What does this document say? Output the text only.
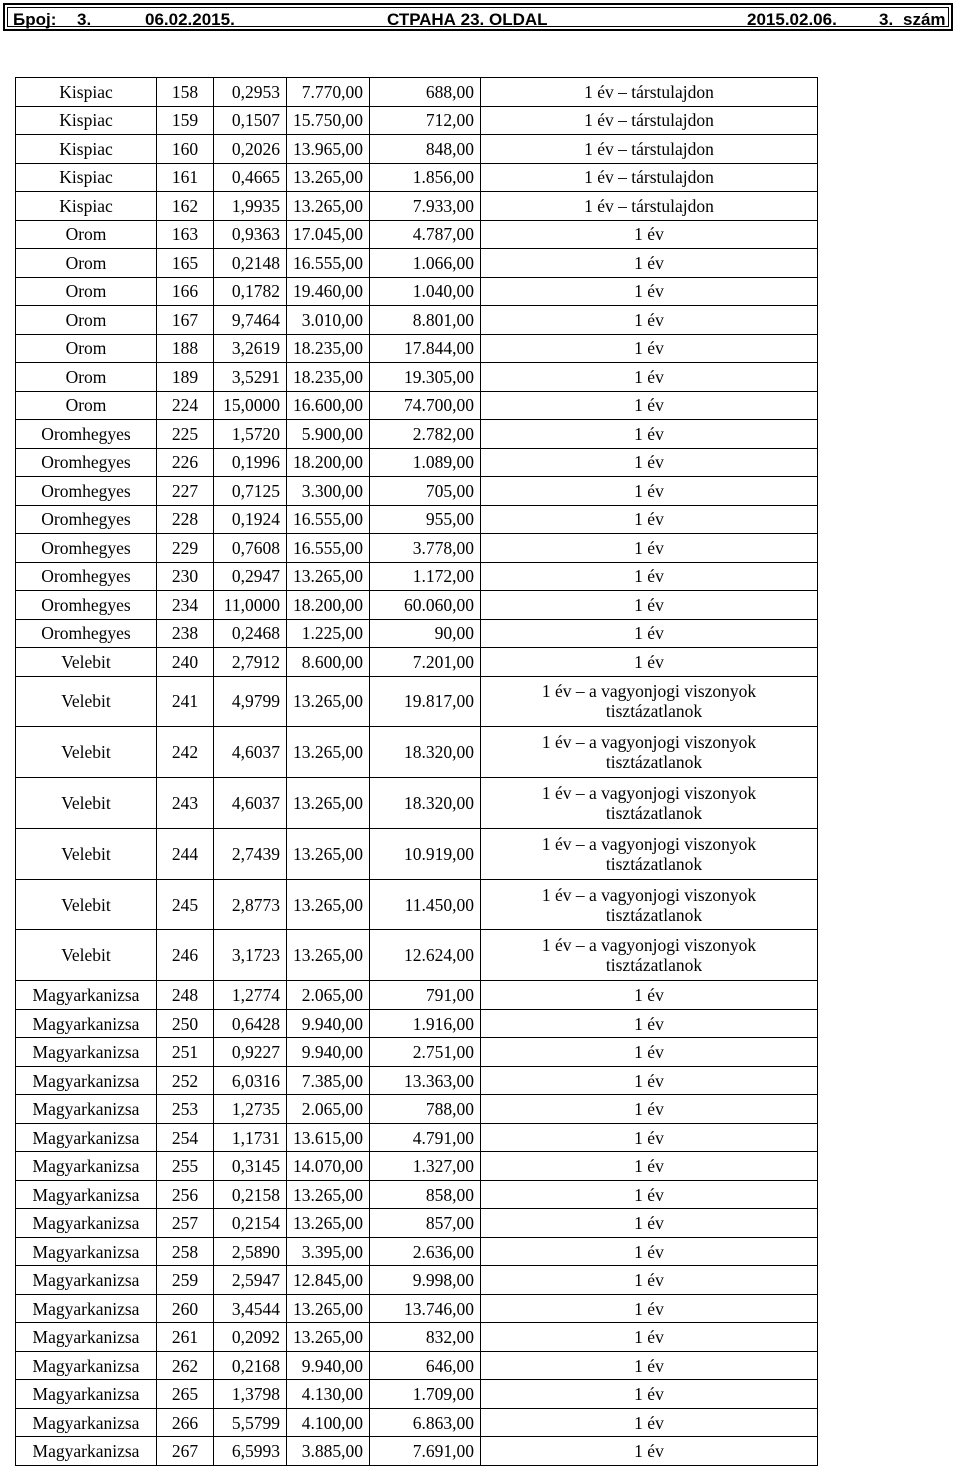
Број: 3.	06.02.2015.	СТРАНА 23. OLDAL	2015.02.06. 3. szám
Kispiac	158	0,2953	7.770,00	688,00	1 év – társtulajdon
Kispiac	159	0,1507	15.750,00	712,00	1 év – társtulajdon
Kispiac	160	0,2026	13.965,00	848,00	1 év – társtulajdon
Kispiac	161	0,4665	13.265,00	1.856,00	1 év – társtulajdon
Kispiac	162	1,9935	13.265,00	7.933,00	1 év – társtulajdon
Orom	163	0,9363	17.045,00	4.787,00	1 év
Orom	165	0,2148	16.555,00	1.066,00	1 év
Orom	166	0,1782	19.460,00	1.040,00	1 év
Orom	167	9,7464	3.010,00	8.801,00	1 év
Orom	188	3,2619	18.235,00	17.844,00	1 év
Orom	189	3,5291	18.235,00	19.305,00	1 év
Orom	224	15,0000	16.600,00	74.700,00	1 év
Oromhegyes	225	1,5720	5.900,00	2.782,00	1 év
Oromhegyes	226	0,1996	18.200,00	1.089,00	1 év
Oromhegyes	227	0,7125	3.300,00	705,00	1 év
Oromhegyes	228	0,1924	16.555,00	955,00	1 év
Oromhegyes	229	0,7608	16.555,00	3.778,00	1 év
Oromhegyes	230	0,2947	13.265,00	1.172,00	1 év
Oromhegyes	234	11,0000	18.200,00	60.060,00	1 év
Oromhegyes	238	0,2468	1.225,00	90,00	1 év
Velebit	240	2,7912	8.600,00	7.201,00	1 év
Velebit	241	4,9799	13.265,00	19.817,00	1 év – a vagyonjogi viszonyok
tisztázatlanok

Velebit	242	4,6037	13.265,00	18.320,00	1 év – a vagyonjogi viszonyok
tisztázatlanok

Velebit	243	4,6037	13.265,00	18.320,00	1 év – a vagyonjogi viszonyok
tisztázatlanok

Velebit	244	2,7439	13.265,00	10.919,00	1 év – a vagyonjogi viszonyok
tisztázatlanok

Velebit	245	2,8773	13.265,00	11.450,00	1 év – a vagyonjogi viszonyok
tisztázatlanok

Velebit	246	3,1723	13.265,00	12.624,00	1 év – a vagyonjogi viszonyok
tisztázatlanok

Magyarkanizsa	248	1,2774	2.065,00	791,00	1 év
Magyarkanizsa	250	0,6428	9.940,00	1.916,00	1 év
Magyarkanizsa	251	0,9227	9.940,00	2.751,00	1 év
Magyarkanizsa	252	6,0316	7.385,00	13.363,00	1 év
Magyarkanizsa	253	1,2735	2.065,00	788,00	1 év
Magyarkanizsa	254	1,1731	13.615,00	4.791,00	1 év
Magyarkanizsa	255	0,3145	14.070,00	1.327,00	1 év
Magyarkanizsa	256	0,2158	13.265,00	858,00	1 év
Magyarkanizsa	257	0,2154	13.265,00	857,00	1 év
Magyarkanizsa	258	2,5890	3.395,00	2.636,00	1 év
Magyarkanizsa	259	2,5947	12.845,00	9.998,00	1 év
Magyarkanizsa	260	3,4544	13.265,00	13.746,00	1 év
Magyarkanizsa	261	0,2092	13.265,00	832,00	1 év
Magyarkanizsa	262	0,2168	9.940,00	646,00	1 év
Magyarkanizsa	265	1,3798	4.130,00	1.709,00	1 év
Magyarkanizsa	266	5,5799	4.100,00	6.863,00	1 év
Magyarkanizsa	267	6,5993	3.885,00	7.691,00	1 év
